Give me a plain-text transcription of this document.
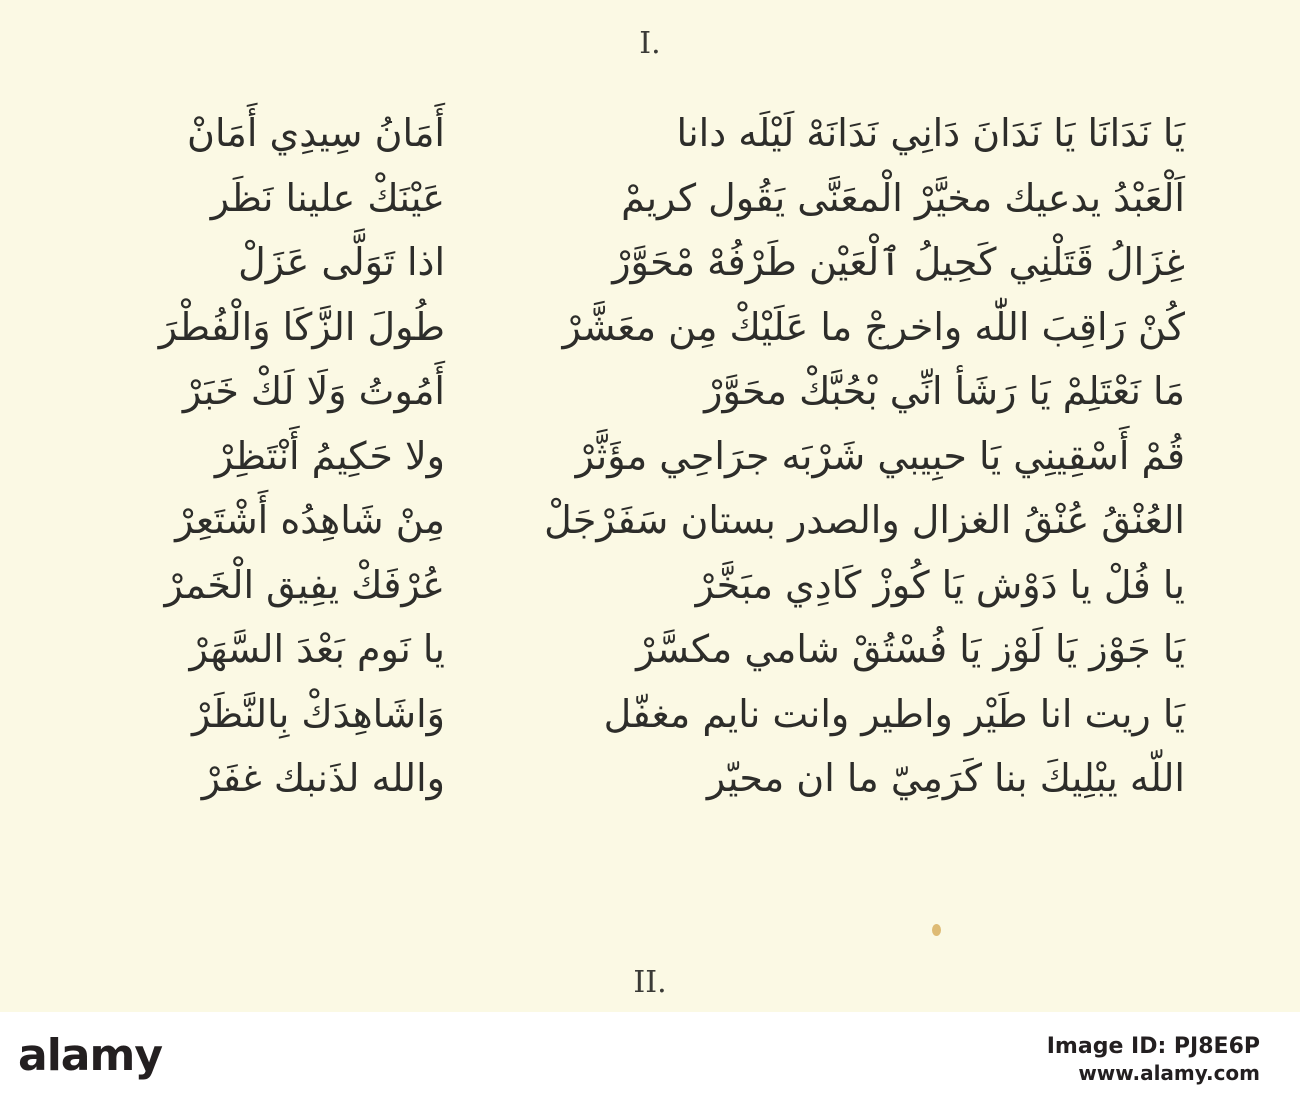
I.
يَا نَدَانَا يَا نَدَانَ دَانِي نَدَانَهْ لَيْلَه دانا
أَمَانُ سِيدِي أَمَانْ
اَلْعَبْدُ يدعيك مخيَّرْ الْمعَنَّى يَقُول كريمْ
عَيْنَكْ علينا نَظَر
غِزَالُ قَتَلْنِي كَحِيلُ ٱلْعَيْن طَرْفُهْ مْحَوَّرْ
اذا تَوَلَّى عَزَلْ
كُنْ رَاقِبَ اللّٰه واخرجْ ما عَلَيْكْ مِن معَشَّرْ
طُولَ الزَّكَا وَالْفُطْرَ
مَا نَعْتَلِمْ يَا رَشَأ انِّي بْحُبَّكْ محَوَّرْ
أَمُوتُ وَلَا لَكْ خَبَرْ
قُمْ أَسْقِينِي يَا حبِيبي شَرْبَه جرَاحِي مؤَثَّرْ
ولا حَكِيمُ أَنْتَظِرْ
العُنْقُ عُنْقُ الغزال والصدر بستان سَفَرْجَلْ
مِنْ شَاهِدُه أَشْتَعِرْ
يا فُلْ يا دَوْش يَا كُوزْ كَادِي مبَخَّرْ
عُرْفَكْ يفِيق الْخَمرْ
يَا جَوْز يَا لَوْز يَا فُسْتُقْ شامي مكسَّرْ
يا نَوم بَعْدَ السَّهَرْ
يَا ريت انا طَيْر واطير وانت نايم مغفّل
وَاشَاهِدَكْ بِالنَّظَرْ
اللّه يبْلِيكَ بنا كَرَمِيّ ما ان محيّر
والله لذَنبك غفَرْ
II.
alamy	Image ID: PJ8E6P
www.alamy.com
